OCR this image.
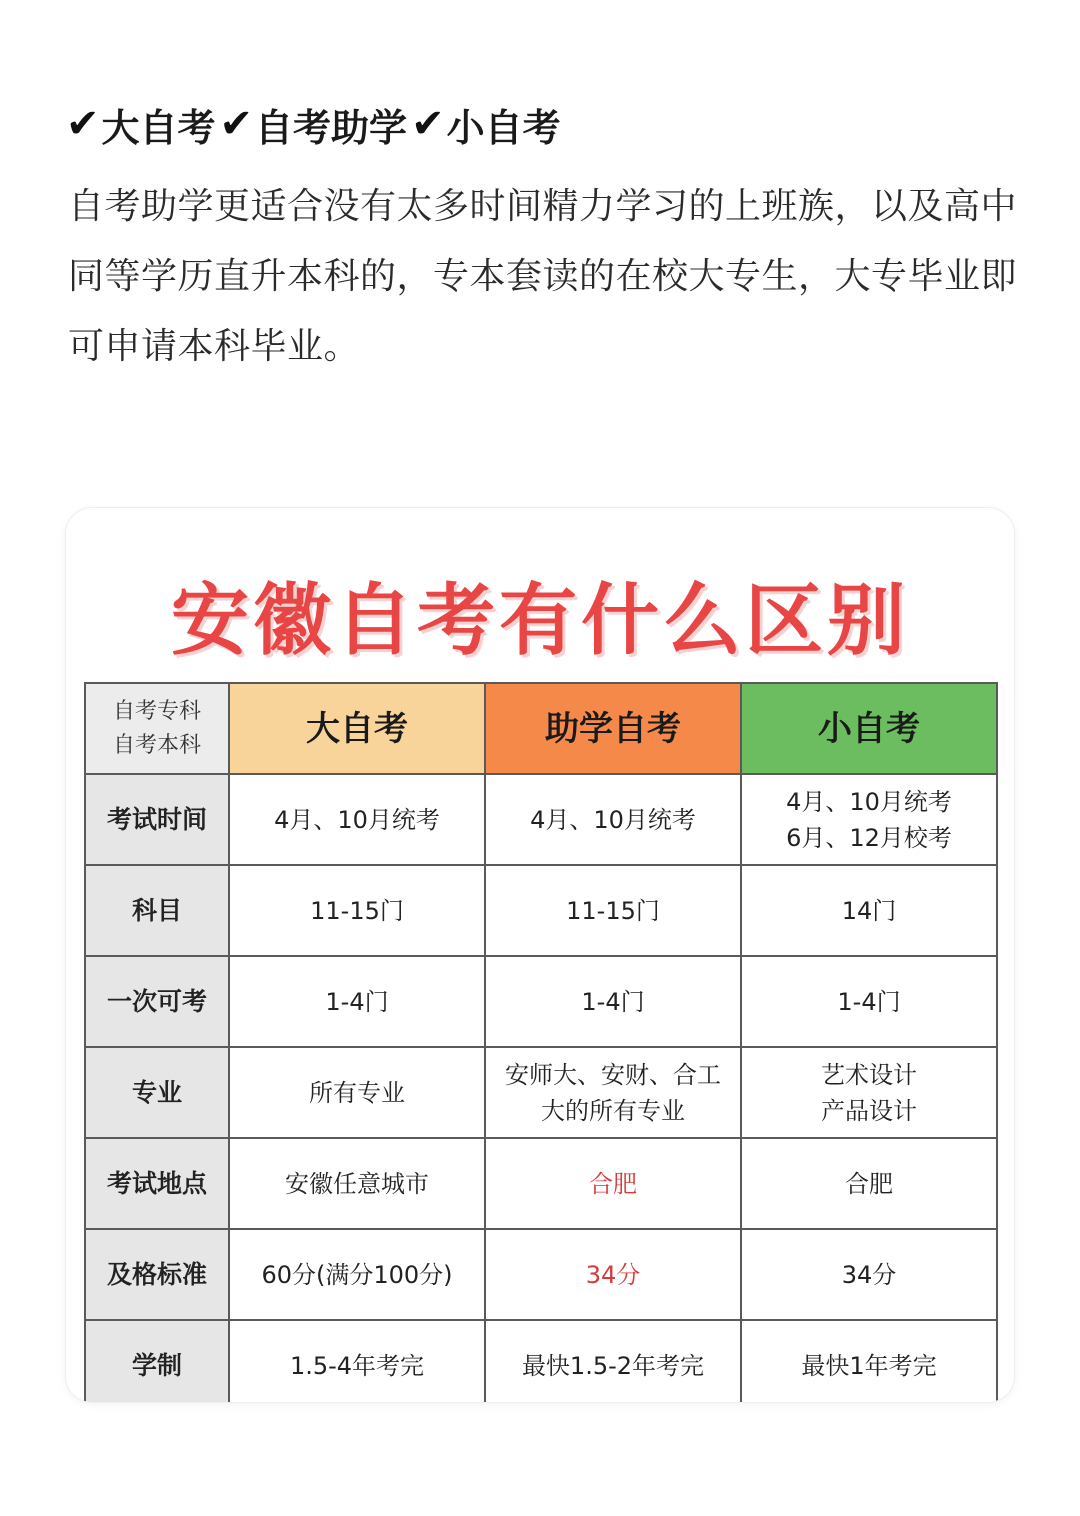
✔ 大自考 ✔ 自考助学 ✔ 小自考
自考助学更适合没有太多时间精力学习的上班族，以及高中同等学历直升本科的，专本套读的在校大专生，大专毕业即可申请本科毕业。
安徽自考有什么区别
自考专科
自考本科	大自考	助学自考	小自考
考试时间	4月、10月统考	4月、10月统考	4月、10月统考
6月、12月校考

科目	11-15门	11-15门	14门

一次可考	1-4门	1-4门	1-4门

专业	所有专业	安师大、安财、合工
大的所有专业	艺术设计
产品设计

考试地点	安徽任意城市	合肥	合肥

及格标准	60分(满分100分)	34分	34分

学制	1.5-4年考完	最快1.5-2年考完	最快1年考完
